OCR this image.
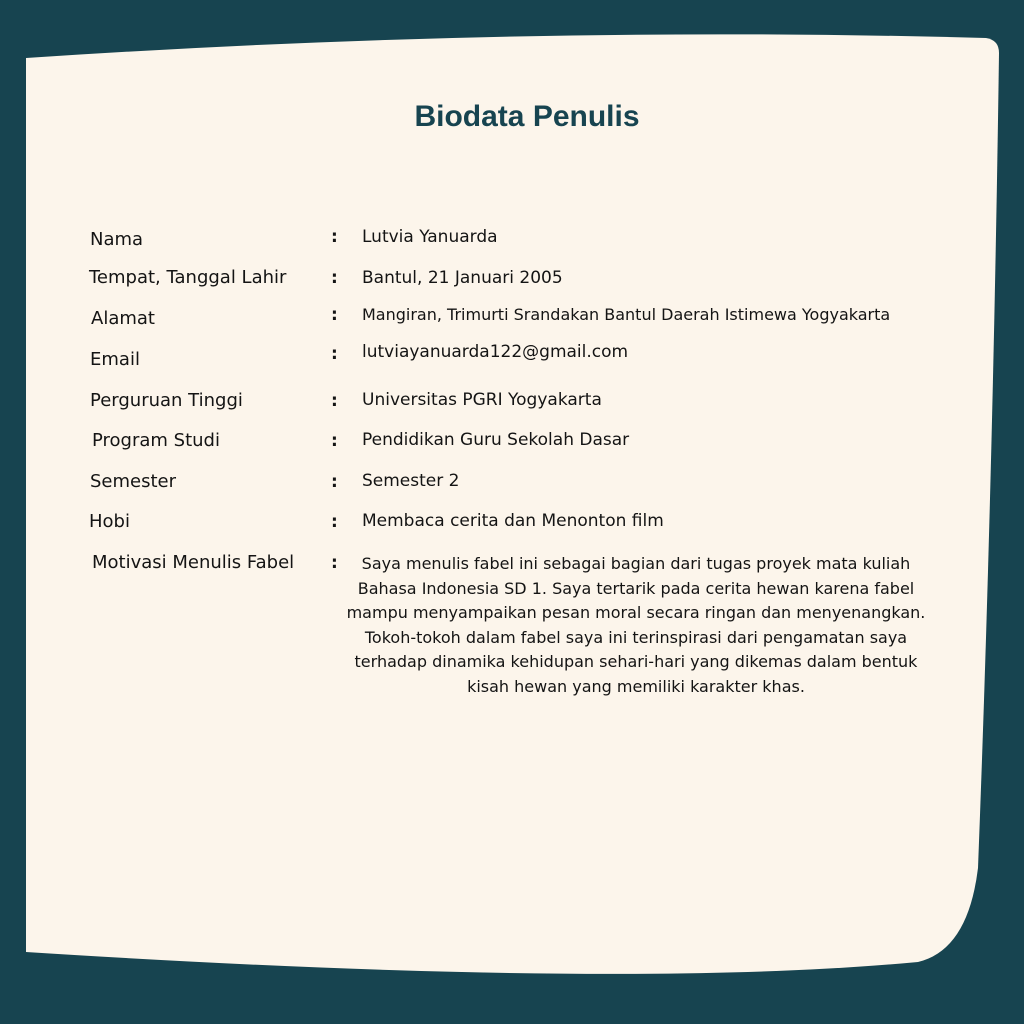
Biodata Penulis
Nama	: Lutvia Yanuarda
Tempat, Tanggal Lahir	: Bantul, 21 Januari 2005
Alamat	: Mangiran, Trimurti Srandakan Bantul Daerah Istimewa Yogyakarta
Email	: lutviayanuarda122@gmail.com
Perguruan Tinggi	: Universitas PGRI Yogyakarta
Program Studi	: Pendidikan Guru Sekolah Dasar
Semester	: Semester 2
Hobi	: Membaca cerita dan Menonton film
Motivasi Menulis Fabel :	Saya menulis fabel ini sebagai bagian dari tugas proyek mata kuliah Bahasa Indonesia SD 1. Saya tertarik pada cerita hewan karena fabel mampu menyampaikan pesan moral secara ringan dan menyenangkan. Tokoh-tokoh dalam fabel saya ini terinspirasi dari pengamatan saya terhadap dinamika kehidupan sehari-hari yang dikemas dalam bentuk kisah hewan yang memiliki karakter khas.
